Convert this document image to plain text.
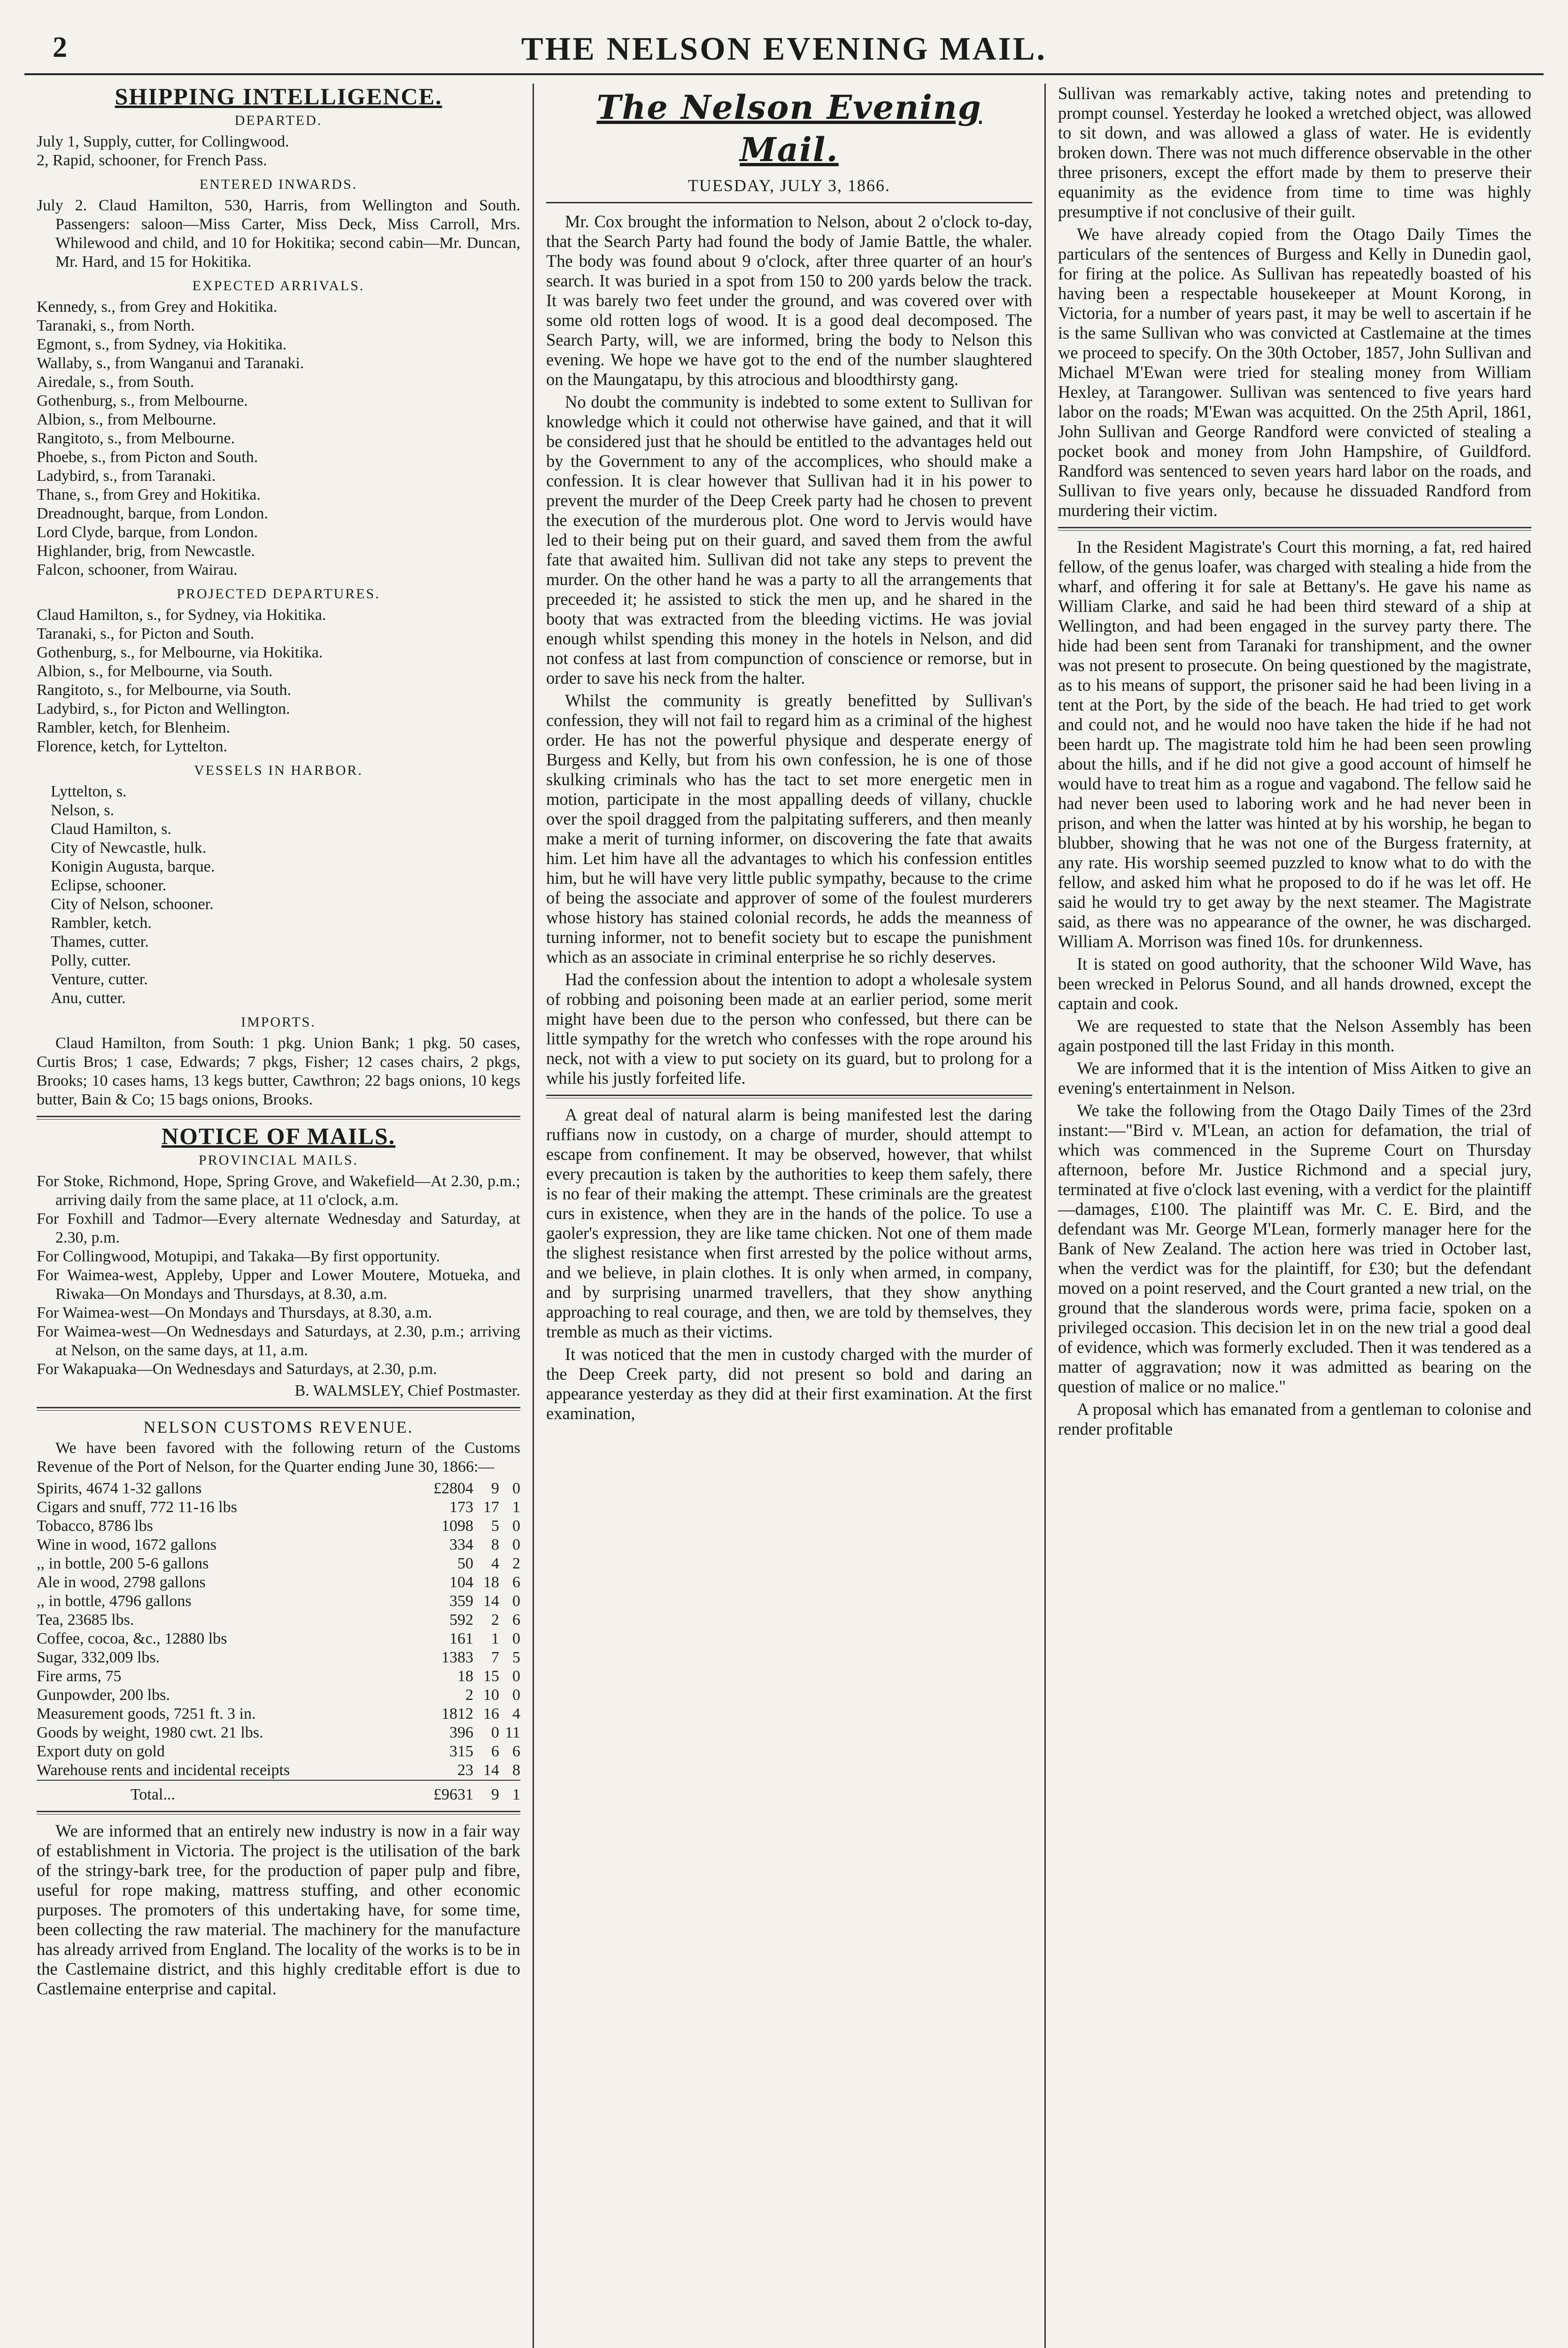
2	THE NELSON EVENING MAIL.
SHIPPING INTELLIGENCE.
DEPARTED.

July 1, Supply, cutter, for Collingwood.

2, Rapid, schooner, for French Pass.

ENTERED INWARDS.

July 2. Claud Hamilton, 530, Harris, from Wellington and South. Passengers: saloon—Miss Carter, Miss Deck, Miss Carroll, Mrs. Whilewood and child, and 10 for Hokitika; second cabin—Mr. Duncan, Mr. Hard, and 15 for Hokitika.

EXPECTED ARRIVALS.

Kennedy, s., from Grey and Hokitika.

Taranaki, s., from North.

Egmont, s., from Sydney, via Hokitika.

Wallaby, s., from Wanganui and Taranaki.

Airedale, s., from South.

Gothenburg, s., from Melbourne.

Albion, s., from Melbourne.

Rangitoto, s., from Melbourne.

Phoebe, s., from Picton and South.

Ladybird, s., from Taranaki.

Thane, s., from Grey and Hokitika.

Dreadnought, barque, from London.

Lord Clyde, barque, from London.

Highlander, brig, from Newcastle.

Falcon, schooner, from Wairau.

PROJECTED DEPARTURES.

Claud Hamilton, s., for Sydney, via Hokitika.

Taranaki, s., for Picton and South.

Gothenburg, s., for Melbourne, via Hokitika.

Albion, s., for Melbourne, via South.

Rangitoto, s., for Melbourne, via South.

Ladybird, s., for Picton and Wellington.

Rambler, ketch, for Blenheim.

Florence, ketch, for Lyttelton.

VESSELS IN HARBOR.

Lyttelton, s.

Nelson, s.

Claud Hamilton, s.

City of Newcastle, hulk.

Konigin Augusta, barque.

Eclipse, schooner.

City of Nelson, schooner.

Rambler, ketch.

Thames, cutter.

Polly, cutter.

Venture, cutter.

Anu, cutter.

IMPORTS.

Claud Hamilton, from South: 1 pkg. Union Bank; 1 pkg. 50 cases, Curtis Bros; 1 case, Edwards; 7 pkgs, Fisher; 12 cases chairs, 2 pkgs, Brooks; 10 cases hams, 13 kegs butter, Cawthron; 22 bags onions, 10 kegs butter, Bain & Co; 15 bags onions, Brooks.

NOTICE OF MAILS.
PROVINCIAL MAILS.

For Stoke, Richmond, Hope, Spring Grove, and Wakefield—At 2.30, p.m.; arriving daily from the same place, at 11 o'clock, a.m.

For Foxhill and Tadmor—Every alternate Wednesday and Saturday, at 2.30, p.m.

For Collingwood, Motupipi, and Takaka—By first opportunity.

For Waimea-west, Appleby, Upper and Lower Moutere, Motueka, and Riwaka—On Mondays and Thursdays, at 8.30, a.m.

For Waimea-west—On Mondays and Thursdays, at 8.30, a.m.

For Waimea-west—On Wednesdays and Saturdays, at 2.30, p.m.; arriving at Nelson, on the same days, at 11, a.m.

For Wakapuaka—On Wednesdays and Saturdays, at 2.30, p.m.

B. WALMSLEY, Chief Postmaster.
NELSON CUSTOMS REVENUE.

We have been favored with the following return of the Customs Revenue of the Port of Nelson, for the Quarter ending June 30, 1866:—

Spirits, 4674 1-32 gallons	£2804	9	0
Cigars and snuff, 772 11-16 lbs	173	17	1
Tobacco, 8786 lbs	1098	5	0
Wine in wood, 1672 gallons	334	8	0
,, in bottle, 200 5-6 gallons	50	4	2
Ale in wood, 2798 gallons	104	18	6
,, in bottle, 4796 gallons	359	14	0
Tea, 23685 lbs.	592	2	6
Coffee, cocoa, &c., 12880 lbs	161	1	0
Sugar, 332,009 lbs.	1383	7	5
Fire arms, 75	18	15	0
Gunpowder, 200 lbs.	2	10	0
Measurement goods, 7251 ft. 3 in.	1812	16	4
Goods by weight, 1980 cwt. 21 lbs.	396	0	11
Export duty on gold	315	6	6
Warehouse rents and incidental receipts	23	14	8
Total...	£9631	9	1

We are informed that an entirely new industry is now in a fair way of establishment in Victoria. The project is the utilisation of the bark of the stringy-bark tree, for the production of paper pulp and fibre, useful for rope making, mattress stuffing, and other economic purposes. The promoters of this undertaking have, for some time, been collecting the raw material. The machinery for the manufacture has already arrived from England. The locality of the works is to be in the Castlemaine district, and this highly creditable effort is due to Castlemaine enterprise and capital.

The Nelson Evening Mail.
TUESDAY, JULY 3, 1866.

Mr. Cox brought the information to Nelson, about 2 o'clock to-day, that the Search Party had found the body of Jamie Battle, the whaler. The body was found about 9 o'clock, after three quarter of an hour's search. It was buried in a spot from 150 to 200 yards below the track. It was barely two feet under the ground, and was covered over with some old rotten logs of wood. It is a good deal decomposed. The Search Party, will, we are informed, bring the body to Nelson this evening. We hope we have got to the end of the number slaughtered on the Maungatapu, by this atrocious and bloodthirsty gang.

No doubt the community is indebted to some extent to Sullivan for knowledge which it could not otherwise have gained, and that it will be considered just that he should be entitled to the advantages held out by the Government to any of the accomplices, who should make a confession. It is clear however that Sullivan had it in his power to prevent the murder of the Deep Creek party had he chosen to prevent the execution of the murderous plot. One word to Jervis would have led to their being put on their guard, and saved them from the awful fate that awaited him. Sullivan did not take any steps to prevent the murder. On the other hand he was a party to all the arrangements that preceeded it; he assisted to stick the men up, and he shared in the booty that was extracted from the bleeding victims. He was jovial enough whilst spending this money in the hotels in Nelson, and did not confess at last from compunction of conscience or remorse, but in order to save his neck from the halter.

Whilst the community is greatly benefitted by Sullivan's confession, they will not fail to regard him as a criminal of the highest order. He has not the powerful physique and desperate energy of Burgess and Kelly, but from his own confession, he is one of those skulking criminals who has the tact to set more energetic men in motion, participate in the most appalling deeds of villany, chuckle over the spoil dragged from the palpitating sufferers, and then meanly make a merit of turning informer, on discovering the fate that awaits him. Let him have all the advantages to which his confession entitles him, but he will have very little public sympathy, because to the crime of being the associate and approver of some of the foulest murderers whose history has stained colonial records, he adds the meanness of turning informer, not to benefit society but to escape the punishment which as an associate in criminal enterprise he so richly deserves.

Had the confession about the intention to adopt a wholesale system of robbing and poisoning been made at an earlier period, some merit might have been due to the person who confessed, but there can be little sympathy for the wretch who confesses with the rope around his neck, not with a view to put society on its guard, but to prolong for a while his justly forfeited life.

A great deal of natural alarm is being manifested lest the daring ruffians now in custody, on a charge of murder, should attempt to escape from confinement. It may be observed, however, that whilst every precaution is taken by the authorities to keep them safely, there is no fear of their making the attempt. These criminals are the greatest curs in existence, when they are in the hands of the police. To use a gaoler's expression, they are like tame chicken. Not one of them made the slighest resistance when first arrested by the police without arms, and we believe, in plain clothes. It is only when armed, in company, and by surprising unarmed travellers, that they show anything approaching to real courage, and then, we are told by themselves, they tremble as much as their victims.

It was noticed that the men in custody charged with the murder of the Deep Creek party, did not present so bold and daring an appearance yesterday as they did at their first examination. At the first examination,

Sullivan was remarkably active, taking notes and pretending to prompt counsel. Yesterday he looked a wretched object, was allowed to sit down, and was allowed a glass of water. He is evidently broken down. There was not much difference observable in the other three prisoners, except the effort made by them to preserve their equanimity as the evidence from time to time was highly presumptive if not conclusive of their guilt.

We have already copied from the Otago Daily Times the particulars of the sentences of Burgess and Kelly in Dunedin gaol, for firing at the police. As Sullivan has repeatedly boasted of his having been a respectable housekeeper at Mount Korong, in Victoria, for a number of years past, it may be well to ascertain if he is the same Sullivan who was convicted at Castlemaine at the times we proceed to specify. On the 30th October, 1857, John Sullivan and Michael M'Ewan were tried for stealing money from William Hexley, at Tarangower. Sullivan was sentenced to five years hard labor on the roads; M'Ewan was acquitted. On the 25th April, 1861, John Sullivan and George Randford were convicted of stealing a pocket book and money from John Hampshire, of Guildford. Randford was sentenced to seven years hard labor on the roads, and Sullivan to five years only, because he dissuaded Randford from murdering their victim.

In the Resident Magistrate's Court this morning, a fat, red haired fellow, of the genus loafer, was charged with stealing a hide from the wharf, and offering it for sale at Bettany's. He gave his name as William Clarke, and said he had been third steward of a ship at Wellington, and had been engaged in the survey party there. The hide had been sent from Taranaki for transhipment, and the owner was not present to prosecute. On being questioned by the magistrate, as to his means of support, the prisoner said he had been living in a tent at the Port, by the side of the beach. He had tried to get work and could not, and he would noo have taken the hide if he had not been hardt up. The magistrate told him he had been seen prowling about the hills, and if he did not give a good account of himself he would have to treat him as a rogue and vagabond. The fellow said he had never been used to laboring work and he had never been in prison, and when the latter was hinted at by his worship, he began to blubber, showing that he was not one of the Burgess fraternity, at any rate. His worship seemed puzzled to know what to do with the fellow, and asked him what he proposed to do if he was let off. He said he would try to get away by the next steamer. The Magistrate said, as there was no appearance of the owner, he was discharged. William A. Morrison was fined 10s. for drunkenness.

It is stated on good authority, that the schooner Wild Wave, has been wrecked in Pelorus Sound, and all hands drowned, except the captain and cook.

We are requested to state that the Nelson Assembly has been again postponed till the last Friday in this month.

We are informed that it is the intention of Miss Aitken to give an evening's entertainment in Nelson.

We take the following from the Otago Daily Times of the 23rd instant:—"Bird v. M'Lean, an action for defamation, the trial of which was commenced in the Supreme Court on Thursday afternoon, before Mr. Justice Richmond and a special jury, terminated at five o'clock last evening, with a verdict for the plaintiff—damages, £100. The plaintiff was Mr. C. E. Bird, and the defendant was Mr. George M'Lean, formerly manager here for the Bank of New Zealand. The action here was tried in October last, when the verdict was for the plaintiff, for £30; but the defendant moved on a point reserved, and the Court granted a new trial, on the ground that the slanderous words were, prima facie, spoken on a privileged occasion. This decision let in on the new trial a good deal of evidence, which was formerly excluded. Then it was tendered as a matter of aggravation; now it was admitted as bearing on the question of malice or no malice."

A proposal which has emanated from a gentleman to colonise and render profitable
